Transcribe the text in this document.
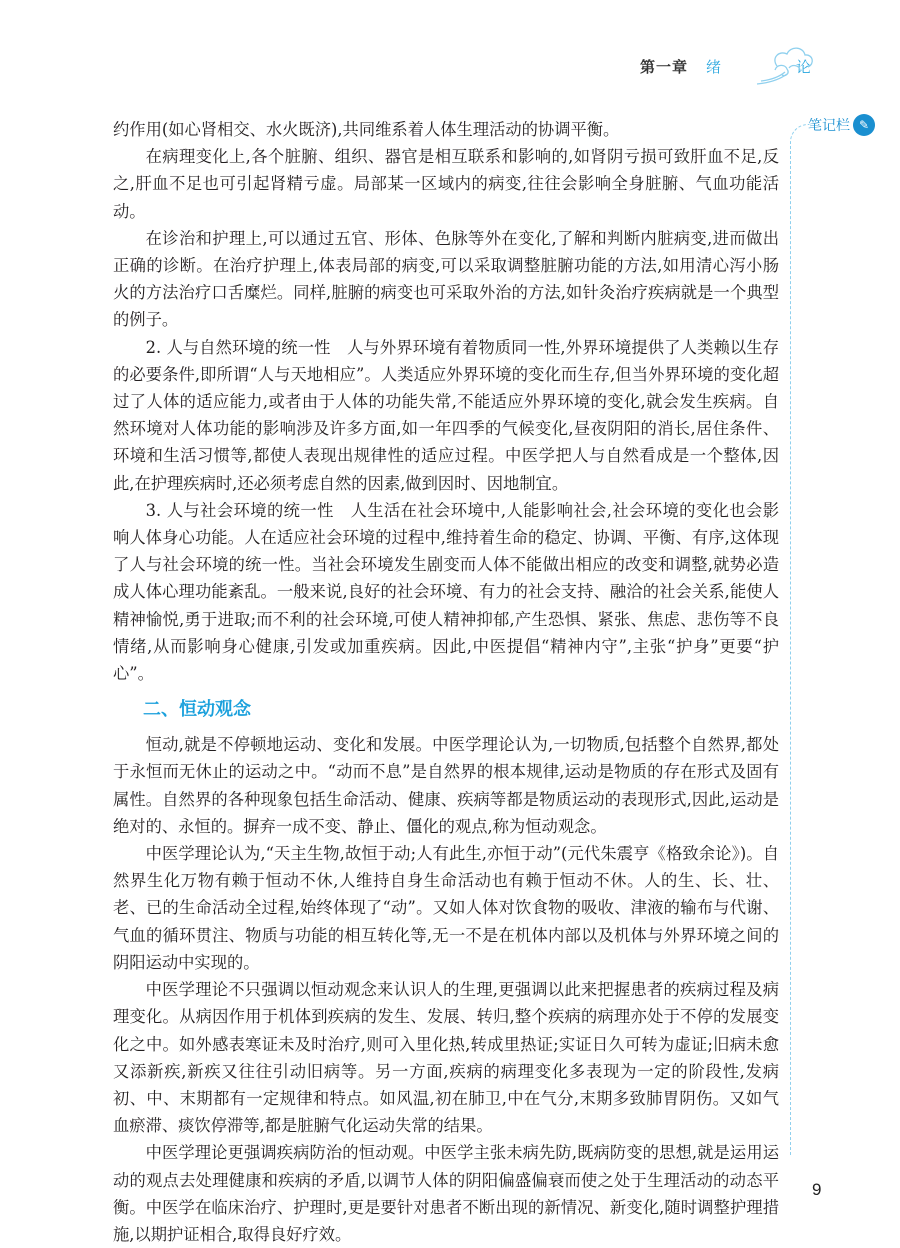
第一章 绪　论
笔记栏 ✎

约作用(如心肾相交、水火既济),共同维系着人体生理活动的协调平衡。

在病理变化上,各个脏腑、组织、器官是相互联系和影响的,如肾阴亏损可致肝血不足,反之,肝血不足也可引起肾精亏虚。局部某一区域内的病变,往往会影响全身脏腑、气血功能活动。

在诊治和护理上,可以通过五官、形体、色脉等外在变化,了解和判断内脏病变,进而做出正确的诊断。在治疗护理上,体表局部的病变,可以采取调整脏腑功能的方法,如用清心泻小肠火的方法治疗口舌糜烂。同样,脏腑的病变也可采取外治的方法,如针灸治疗疾病就是一个典型的例子。

2. 人与自然环境的统一性　人与外界环境有着物质同一性,外界环境提供了人类赖以生存的必要条件,即所谓“人与天地相应”。人类适应外界环境的变化而生存,但当外界环境的变化超过了人体的适应能力,或者由于人体的功能失常,不能适应外界环境的变化,就会发生疾病。自然环境对人体功能的影响涉及许多方面,如一年四季的气候变化,昼夜阴阳的消长,居住条件、环境和生活习惯等,都使人表现出规律性的适应过程。中医学把人与自然看成是一个整体,因此,在护理疾病时,还必须考虑自然的因素,做到因时、因地制宜。

3. 人与社会环境的统一性　人生活在社会环境中,人能影响社会,社会环境的变化也会影响人体身心功能。人在适应社会环境的过程中,维持着生命的稳定、协调、平衡、有序,这体现了人与社会环境的统一性。当社会环境发生剧变而人体不能做出相应的改变和调整,就势必造成人体心理功能紊乱。一般来说,良好的社会环境、有力的社会支持、融洽的社会关系,能使人精神愉悦,勇于进取;而不利的社会环境,可使人精神抑郁,产生恐惧、紧张、焦虑、悲伤等不良情绪,从而影响身心健康,引发或加重疾病。因此,中医提倡“精神内守”,主张“护身”更要“护心”。

二、恒动观念

恒动,就是不停顿地运动、变化和发展。中医学理论认为,一切物质,包括整个自然界,都处于永恒而无休止的运动之中。“动而不息”是自然界的根本规律,运动是物质的存在形式及固有属性。自然界的各种现象包括生命活动、健康、疾病等都是物质运动的表现形式,因此,运动是绝对的、永恒的。摒弃一成不变、静止、僵化的观点,称为恒动观念。

中医学理论认为,“天主生物,故恒于动;人有此生,亦恒于动”(元代朱震亨《格致余论》)。自然界生化万物有赖于恒动不休,人维持自身生命活动也有赖于恒动不休。人的生、长、壮、老、已的生命活动全过程,始终体现了“动”。又如人体对饮食物的吸收、津液的输布与代谢、气血的循环贯注、物质与功能的相互转化等,无一不是在机体内部以及机体与外界环境之间的阴阳运动中实现的。

中医学理论不只强调以恒动观念来认识人的生理,更强调以此来把握患者的疾病过程及病理变化。从病因作用于机体到疾病的发生、发展、转归,整个疾病的病理亦处于不停的发展变化之中。如外感表寒证未及时治疗,则可入里化热,转成里热证;实证日久可转为虚证;旧病未愈又添新疾,新疾又往往引动旧病等。另一方面,疾病的病理变化多表现为一定的阶段性,发病初、中、末期都有一定规律和特点。如风温,初在肺卫,中在气分,末期多致肺胃阴伤。又如气血瘀滞、痰饮停滞等,都是脏腑气化运动失常的结果。

中医学理论更强调疾病防治的恒动观。中医学主张未病先防,既病防变的思想,就是运用运动的观点去处理健康和疾病的矛盾,以调节人体的阴阳偏盛偏衰而使之处于生理活动的动态平衡。中医学在临床治疗、护理时,更是要针对患者不断出现的新情况、新变化,随时调整护理措施,以期护证相合,取得良好疗效。

9
